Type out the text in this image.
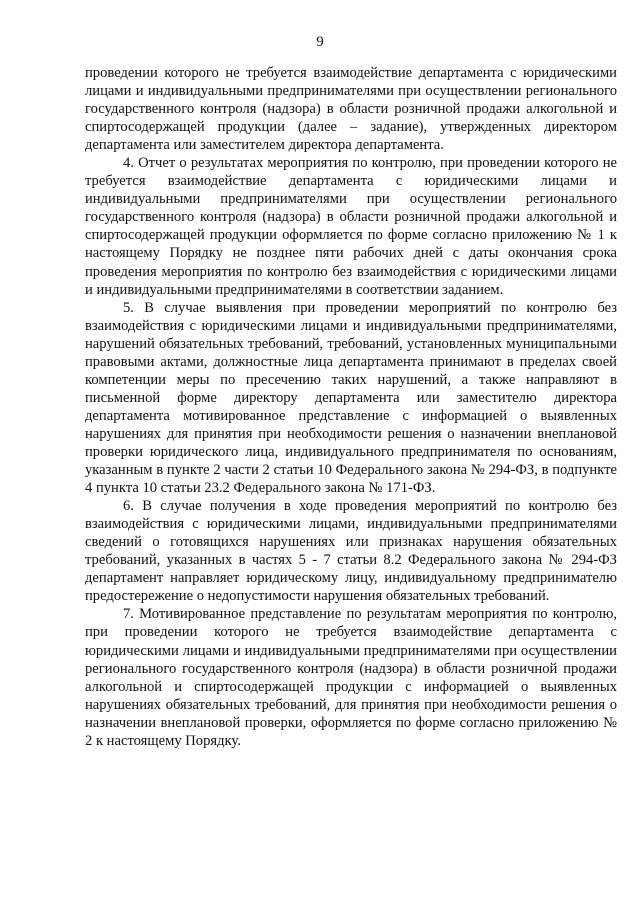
9

проведении которого не требуется взаимодействие департамента с юридическими лицами и индивидуальными предпринимателями при осуществлении регионального государственного контроля (надзора) в области розничной продажи алкогольной и спиртосодержащей продукции (далее – задание), утвержденных директором департамента или заместителем директора департамента.

4. Отчет о результатах мероприятия по контролю, при проведении которого не требуется взаимодействие департамента с юридическими лицами и индивидуальными предпринимателями при осуществлении регионального государственного контроля (надзора) в области розничной продажи алкогольной и спиртосодержащей продукции оформляется по форме согласно приложению № 1 к настоящему Порядку не позднее пяти рабочих дней с даты окончания срока проведения мероприятия по контролю без взаимодействия с юридическими лицами и индивидуальными предпринимателями в соответствии заданием.

5. В случае выявления при проведении мероприятий по контролю без взаимодействия с юридическими лицами и индивидуальными предпринимателями, нарушений обязательных требований, требований, установленных муниципальными правовыми актами, должностные лица департамента принимают в пределах своей компетенции меры по пресечению таких нарушений, а также направляют в письменной форме директору департамента или заместителю директора департамента мотивированное представление с информацией о выявленных нарушениях для принятия при необходимости решения о назначении внеплановой проверки юридического лица, индивидуального предпринимателя по основаниям, указанным в пункте 2 части 2 статьи 10 Федерального закона № 294-ФЗ, в подпункте 4 пункта 10 статьи 23.2 Федерального закона № 171-ФЗ.

6. В случае получения в ходе проведения мероприятий по контролю без взаимодействия с юридическими лицами, индивидуальными предпринимателями сведений о готовящихся нарушениях или признаках нарушения обязательных требований, указанных в частях 5 - 7 статьи 8.2 Федерального закона № 294-ФЗ департамент направляет юридическому лицу, индивидуальному предпринимателю предостережение о недопустимости нарушения обязательных требований.

7. Мотивированное представление по результатам мероприятия по контролю, при проведении которого не требуется взаимодействие департамента с юридическими лицами и индивидуальными предпринимателями при осуществлении регионального государственного контроля (надзора) в области розничной продажи алкогольной и спиртосодержащей продукции с информацией о выявленных нарушениях обязательных требований, для принятия при необходимости решения о назначении внеплановой проверки, оформляется по форме согласно приложению № 2 к настоящему Порядку.
